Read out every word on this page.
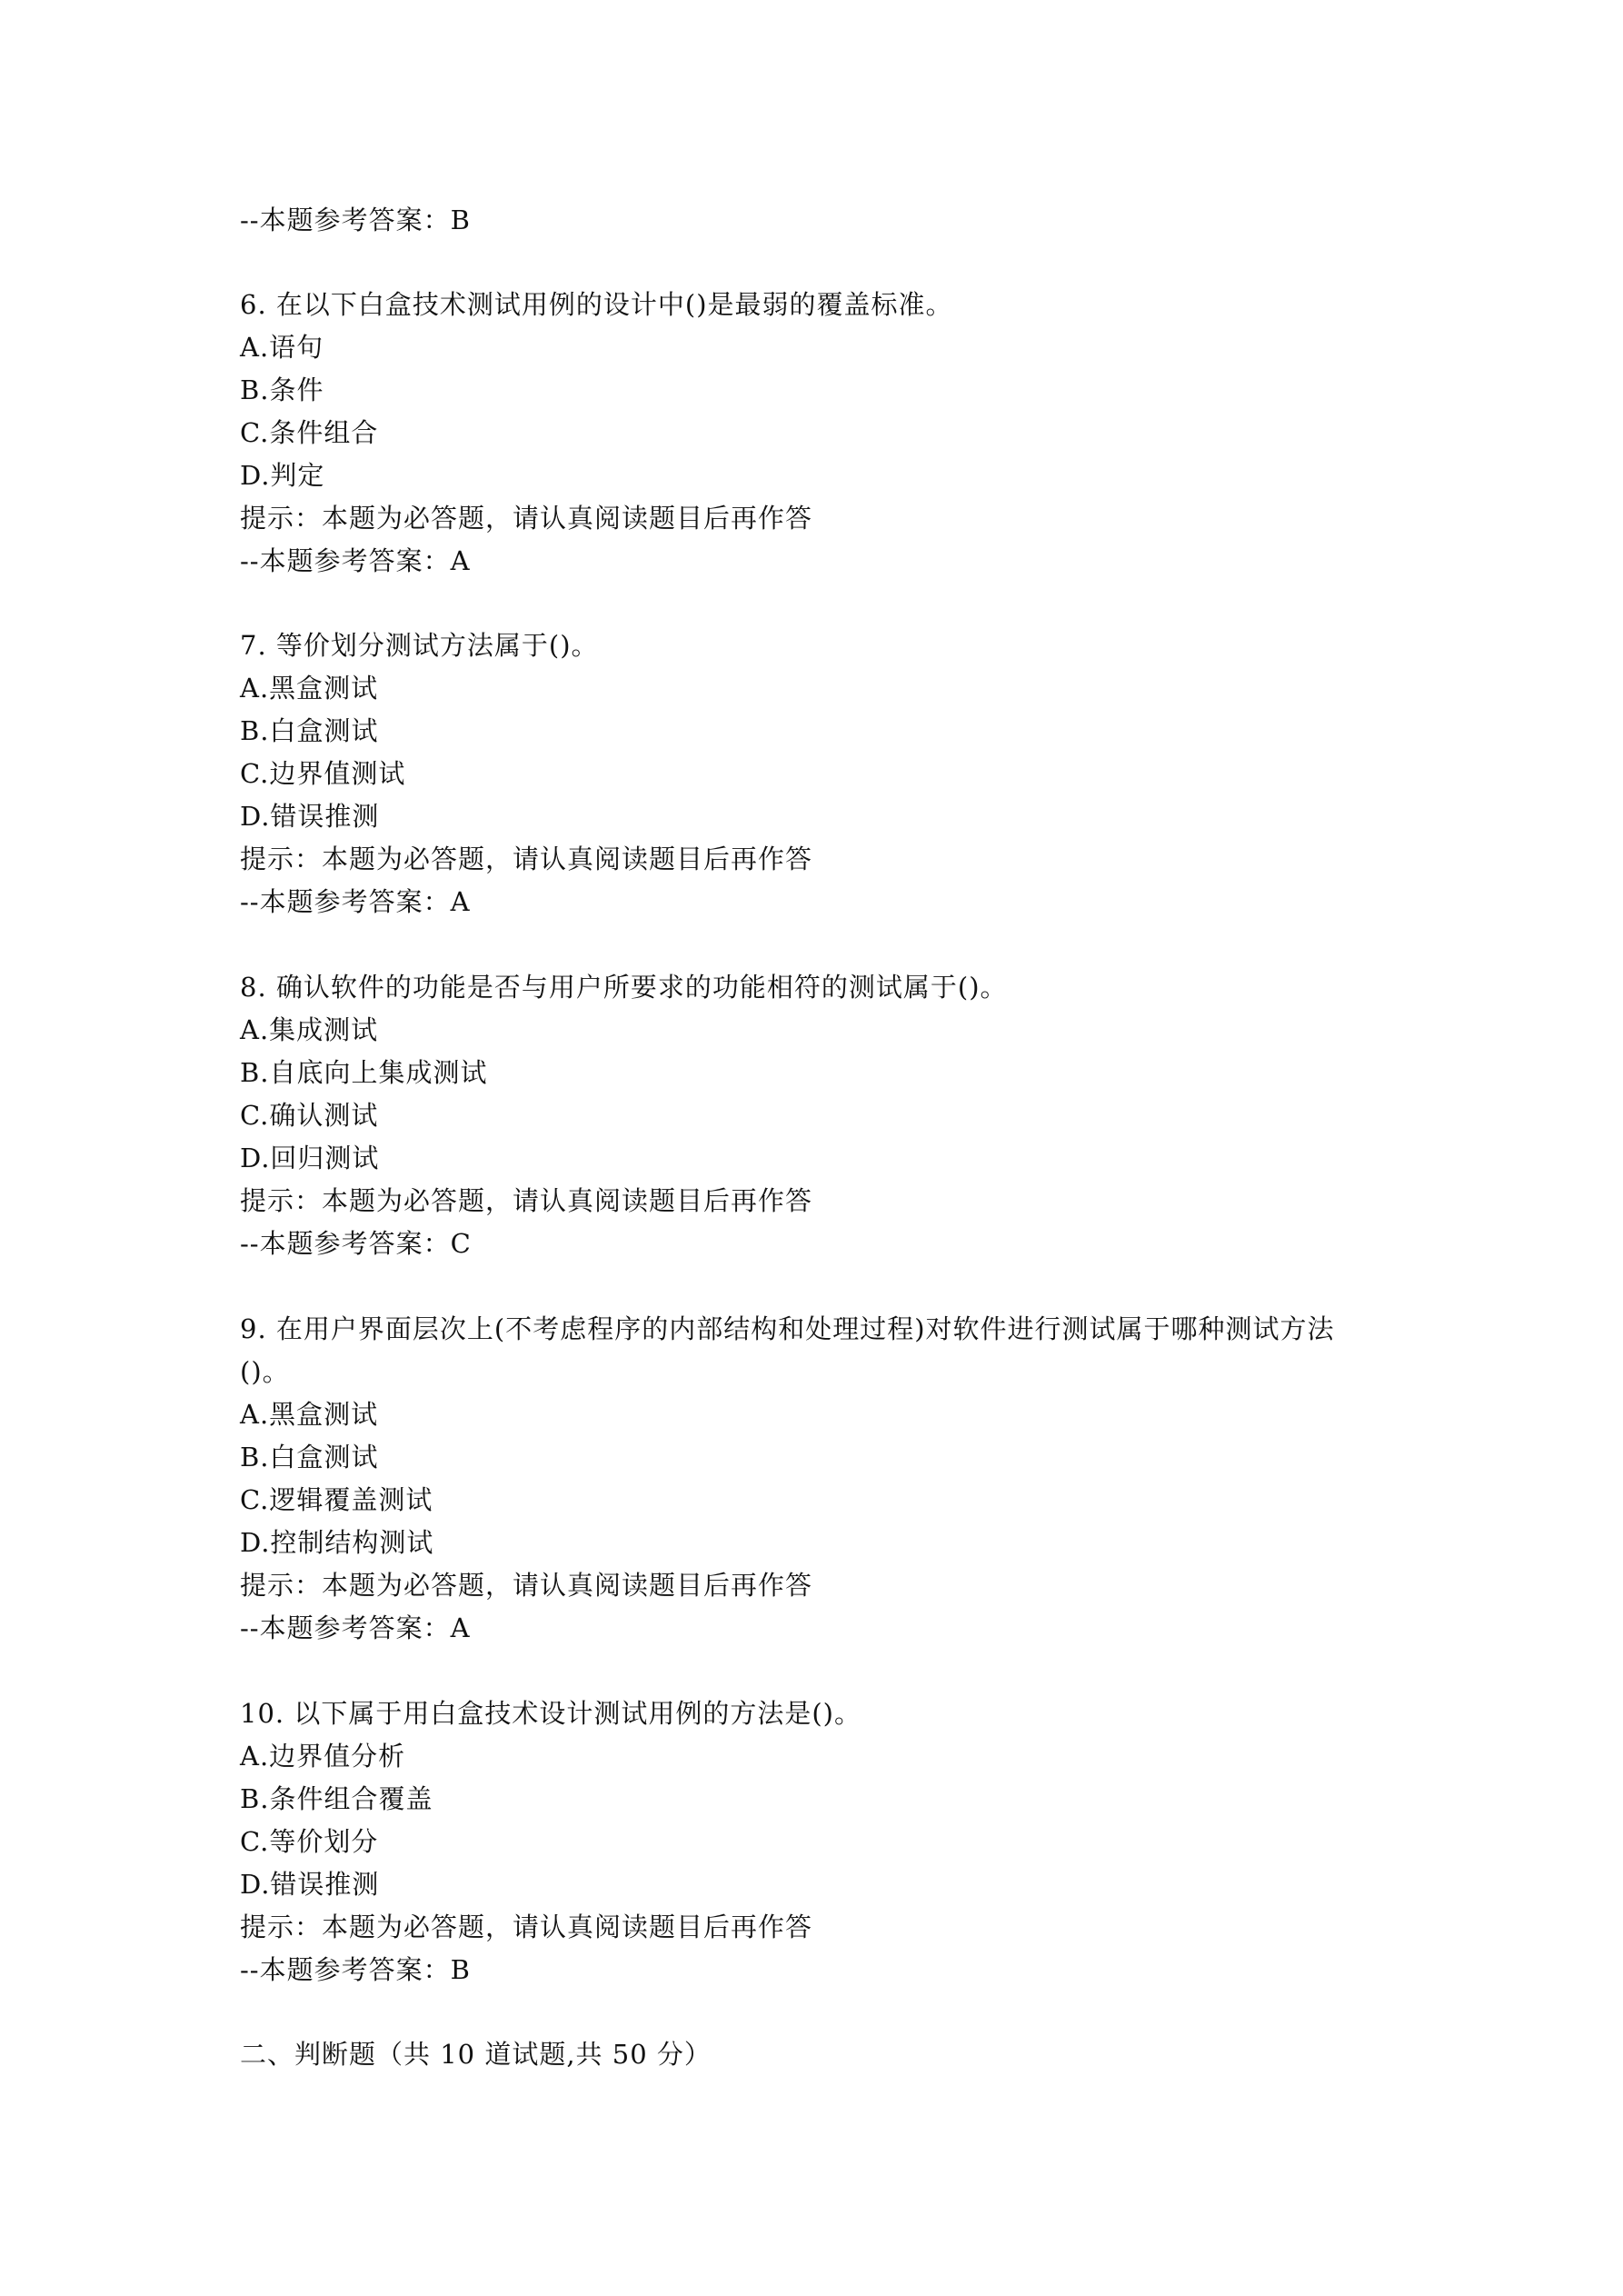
--本题参考答案：B
6. 在以下白盒技术测试用例的设计中()是最弱的覆盖标准。
A.语句
B.条件
C.条件组合
D.判定
提示：本题为必答题，请认真阅读题目后再作答
--本题参考答案：A
7. 等价划分测试方法属于()。
A.黑盒测试
B.白盒测试
C.边界值测试
D.错误推测
提示：本题为必答题，请认真阅读题目后再作答
--本题参考答案：A
8. 确认软件的功能是否与用户所要求的功能相符的测试属于()。
A.集成测试
B.自底向上集成测试
C.确认测试
D.回归测试
提示：本题为必答题，请认真阅读题目后再作答
--本题参考答案：C
9. 在用户界面层次上(不考虑程序的内部结构和处理过程)对软件进行测试属于哪种测试方法
()。
A.黑盒测试
B.白盒测试
C.逻辑覆盖测试
D.控制结构测试
提示：本题为必答题，请认真阅读题目后再作答
--本题参考答案：A
10. 以下属于用白盒技术设计测试用例的方法是()。
A.边界值分析
B.条件组合覆盖
C.等价划分
D.错误推测
提示：本题为必答题，请认真阅读题目后再作答
--本题参考答案：B
二、判断题（共 10 道试题,共 50 分）
